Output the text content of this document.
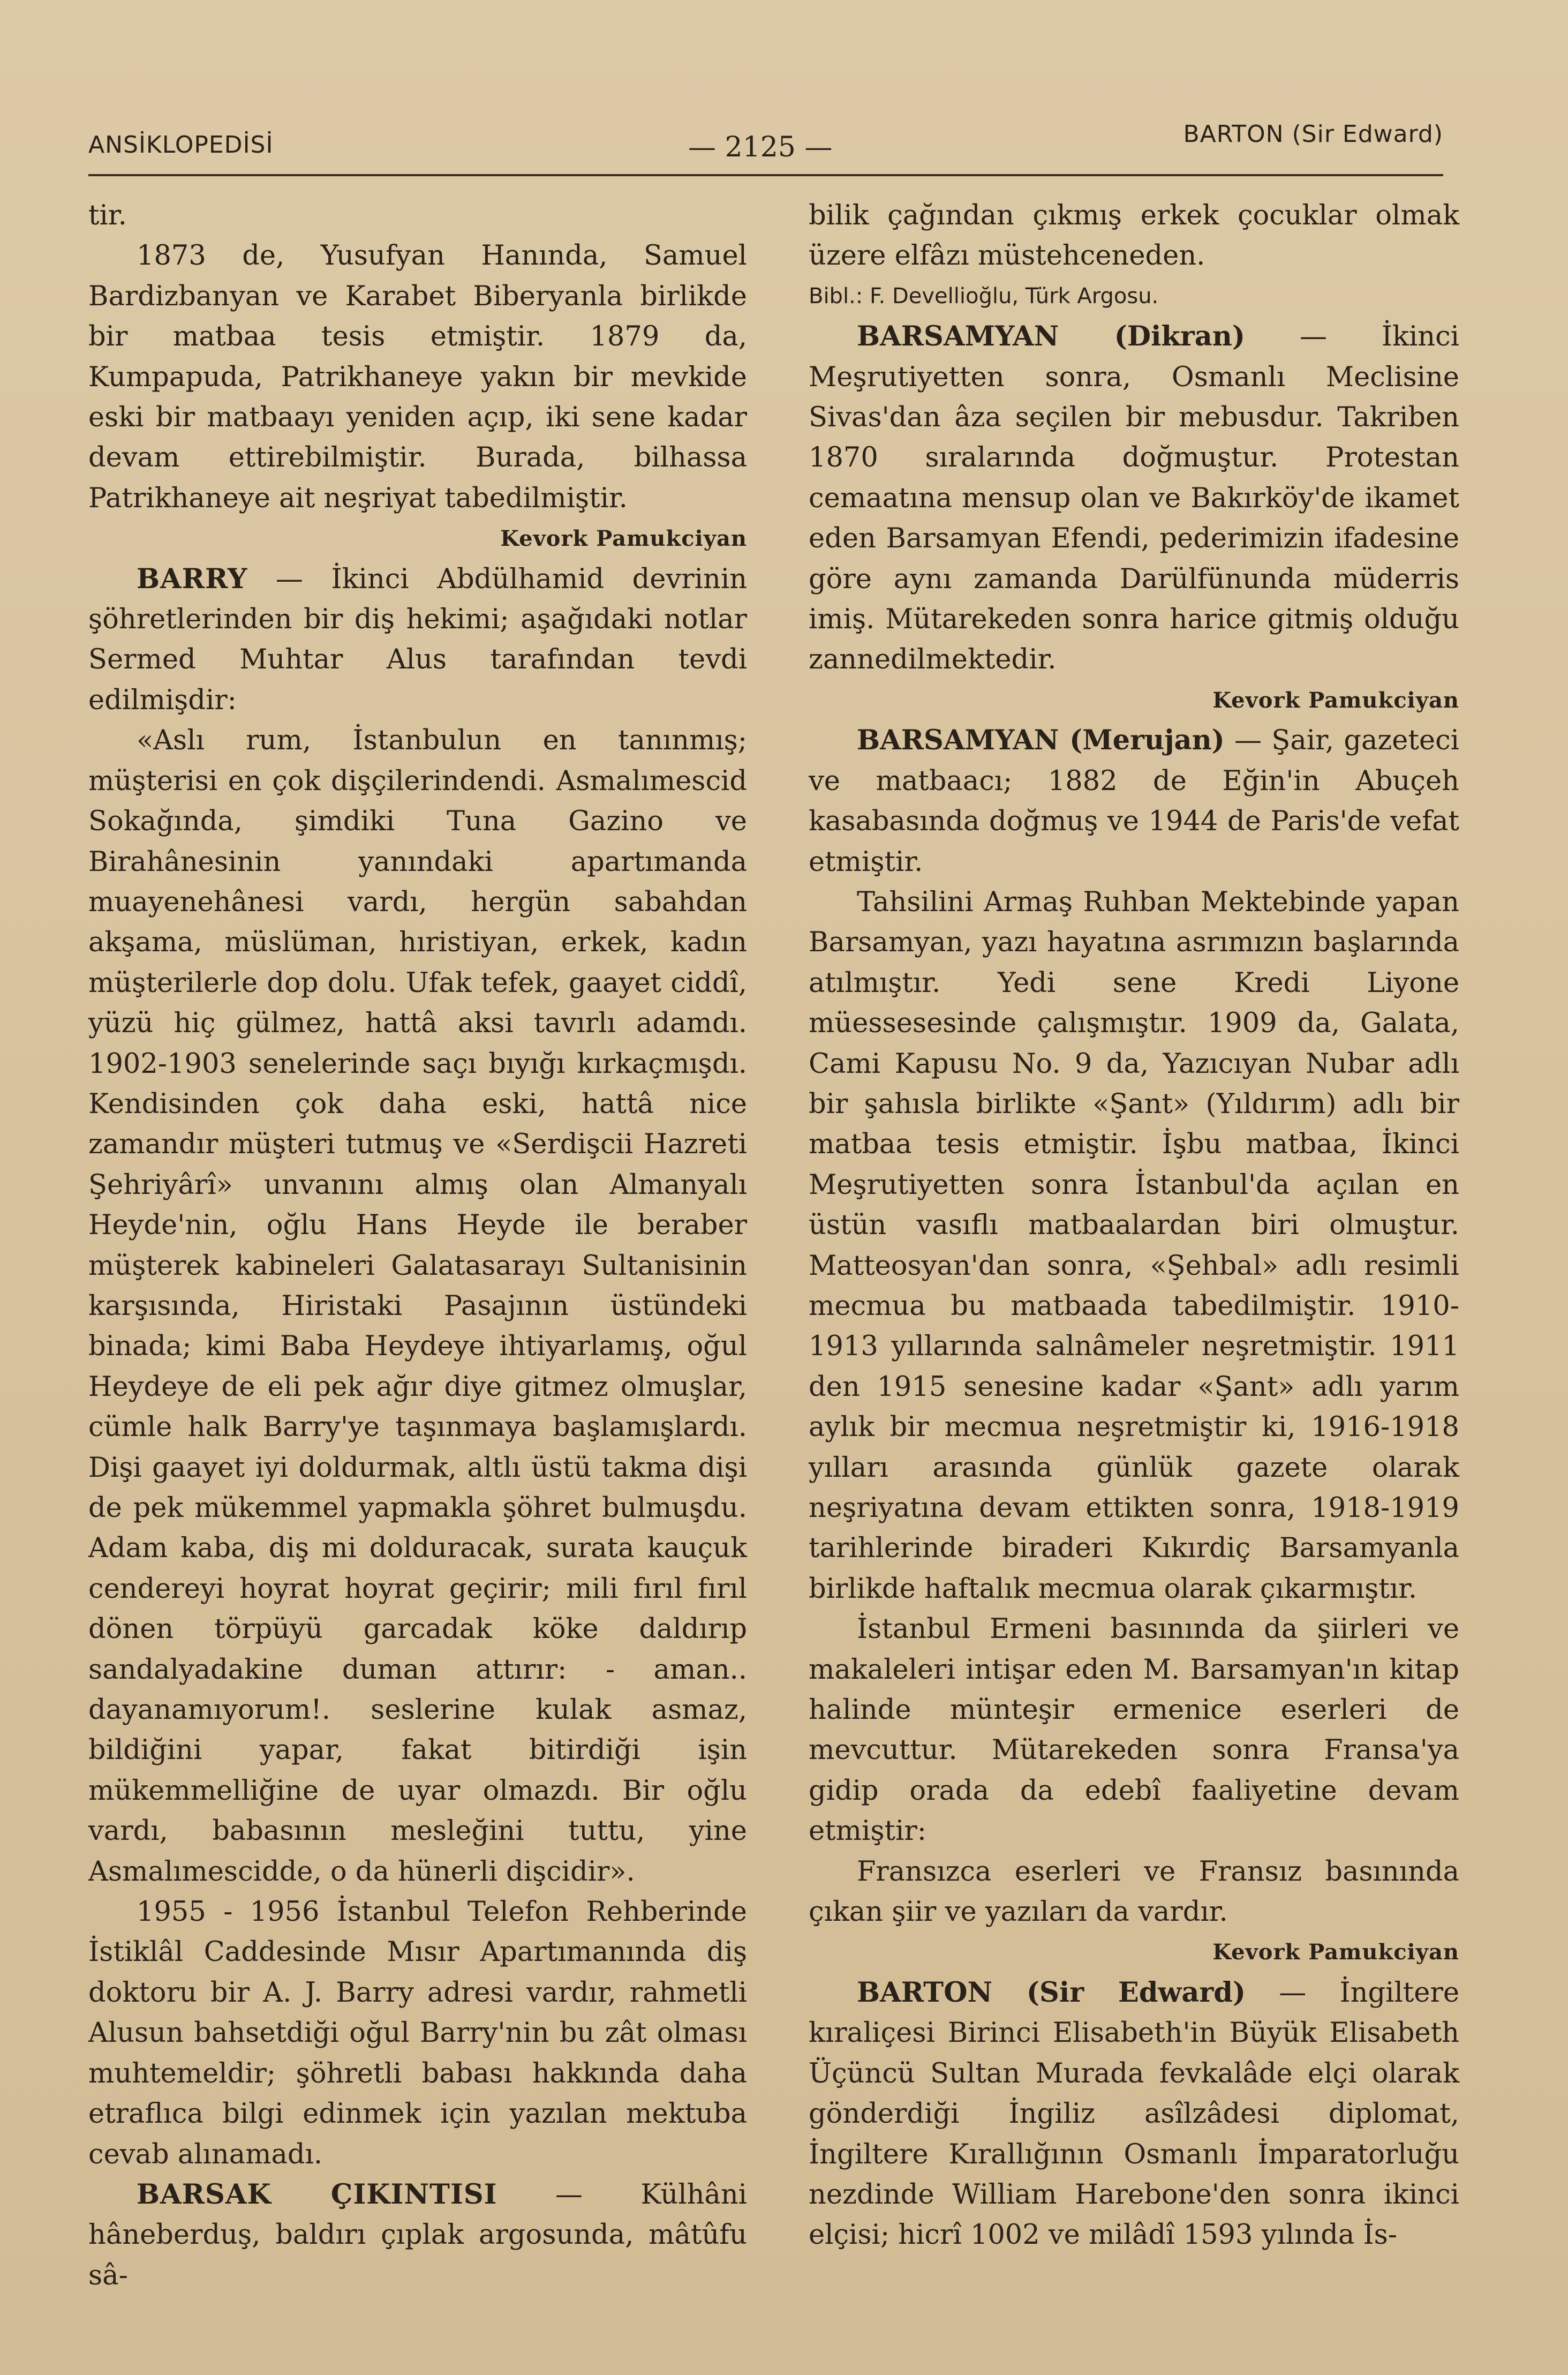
ANSİKLOPEDİSİ	— 2125 —	BARTON (Sir Edward)

tir.

1873 de, Yusufyan Hanında, Samuel Bardizbanyan ve Karabet Biberyanla birlikde bir matbaa tesis etmiştir. 1879 da, Kumpapuda, Patrikhaneye yakın bir mevkide eski bir matbaayı yeniden açıp, iki sene kadar devam ettirebilmiştir. Burada, bilhassa Patrikhaneye ait neşriyat tabedilmiştir.

Kevork Pamukciyan

BARRY — İkinci Abdülhamid devrinin şöhretlerinden bir diş hekimi; aşağıdaki notlar Sermed Muhtar Alus tarafından tevdi edilmişdir:

«Aslı rum, İstanbulun en tanınmış; müşterisi en çok dişçilerindendi. Asmalımescid Sokağında, şimdiki Tuna Gazino ve Birahânesinin yanındaki apartımanda muayenehânesi vardı, hergün sabahdan akşama, müslüman, hıristiyan, erkek, kadın müşterilerle dop dolu. Ufak tefek, gaayet ciddî, yüzü hiç gülmez, hattâ aksi tavırlı adamdı. 1902-1903 senelerinde saçı bıyığı kırkaçmışdı. Kendisinden çok daha eski, hattâ nice zamandır müşteri tutmuş ve «Serdişcii Hazreti Şehriyârî» unvanını almış olan Almanyalı Heyde'nin, oğlu Hans Heyde ile beraber müşterek kabineleri Galatasarayı Sultanisinin karşısında, Hiristaki Pasajının üstündeki binada; kimi Baba Heydeye ihtiyarlamış, oğul Heydeye de eli pek ağır diye gitmez olmuşlar, cümle halk Barry'ye taşınmaya başlamışlardı. Dişi gaayet iyi doldurmak, altlı üstü takma dişi de pek mükemmel yapmakla şöhret bulmuşdu. Adam kaba, diş mi dolduracak, surata kauçuk cendereyi hoyrat hoyrat geçirir; mili fırıl fırıl dönen törpüyü garcadak köke daldırıp sandalyadakine duman attırır: - aman.. dayanamıyorum!. seslerine kulak asmaz, bildiğini yapar, fakat bitirdiği işin mükemmelliğine de uyar olmazdı. Bir oğlu vardı, babasının mesleğini tuttu, yine Asmalımescidde, o da hünerli dişcidir».

1955 - 1956 İstanbul Telefon Rehberinde İstiklâl Caddesinde Mısır Apartımanında diş doktoru bir A. J. Barry adresi vardır, rahmetli Alusun bahsetdiği oğul Barry'nin bu zât olması muhtemeldir; şöhretli babası hakkında daha etraflıca bilgi edinmek için yazılan mektuba cevab alınamadı.

BARSAK ÇIKINTISI — Külhâni hâneberduş, baldırı çıplak argosunda, mâtûfu sâ-

bilik çağından çıkmış erkek çocuklar olmak üzere elfâzı müstehceneden.

Bibl.: F. Devellioğlu, Türk Argosu.

BARSAMYAN (Dikran) — İkinci Meşrutiyetten sonra, Osmanlı Meclisine Sivas'dan âza seçilen bir mebusdur. Takriben 1870 sıralarında doğmuştur. Protestan cemaatına mensup olan ve Bakırköy'de ikamet eden Barsamyan Efendi, pederimizin ifadesine göre aynı zamanda Darülfünunda müderris imiş. Mütarekeden sonra harice gitmiş olduğu zannedilmektedir.

Kevork Pamukciyan

BARSAMYAN (Merujan) — Şair, gazeteci ve matbaacı; 1882 de Eğin'in Abuçeh kasabasında doğmuş ve 1944 de Paris'de vefat etmiştir.

Tahsilini Armaş Ruhban Mektebinde yapan Barsamyan, yazı hayatına asrımızın başlarında atılmıştır. Yedi sene Kredi Liyone müessesesinde çalışmıştır. 1909 da, Galata, Cami Kapusu No. 9 da, Yazıcıyan Nubar adlı bir şahısla birlikte «Şant» (Yıldırım) adlı bir matbaa tesis etmiştir. İşbu matbaa, İkinci Meşrutiyetten sonra İstanbul'da açılan en üstün vasıflı matbaalardan biri olmuştur. Matteosyan'dan sonra, «Şehbal» adlı resimli mecmua bu matbaada tabedilmiştir. 1910-1913 yıllarında salnâmeler neşretmiştir. 1911 den 1915 senesine kadar «Şant» adlı yarım aylık bir mecmua neşretmiştir ki, 1916-1918 yılları arasında günlük gazete olarak neşriyatına devam ettikten sonra, 1918-1919 tarihlerinde biraderi Kıkırdiç Barsamyanla birlikde haftalık mecmua olarak çıkarmıştır.

İstanbul Ermeni basınında da şiirleri ve makaleleri intişar eden M. Barsamyan'ın kitap halinde münteşir ermenice eserleri de mevcuttur. Mütarekeden sonra Fransa'ya gidip orada da edebî faaliyetine devam etmiştir:

Fransızca eserleri ve Fransız basınında çıkan şiir ve yazıları da vardır.

Kevork Pamukciyan

BARTON (Sir Edward) — İngiltere kıraliçesi Birinci Elisabeth'in Büyük Elisabeth Üçüncü Sultan Murada fevkalâde elçi olarak gönderdiği İngiliz asîlzâdesi diplomat, İngiltere Kırallığının Osmanlı İmparatorluğu nezdinde William Harebone'den sonra ikinci elçisi; hicrî 1002 ve milâdî 1593 yılında İs-
